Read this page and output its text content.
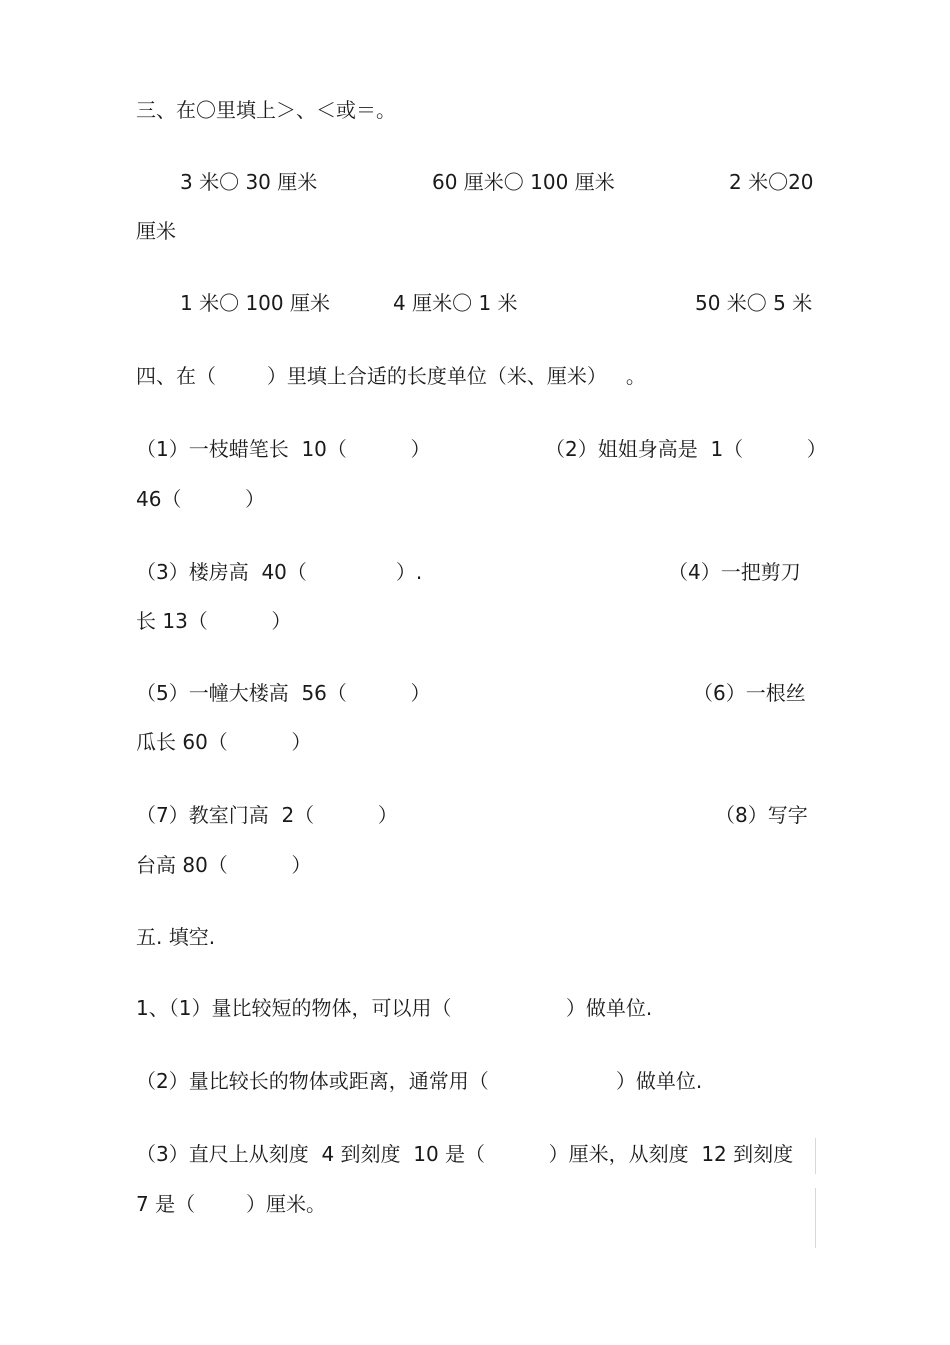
三、在〇里填上＞、＜或＝。
3 米〇 30 厘米	60 厘米〇 100 厘米	2 米〇20
厘米
1 米〇 100 厘米	4 厘米〇 1 米	50 米〇 5 米
四、在（        ）里填上合适的长度单位（米、厘米）   。
（1）一枝蜡笔长  10（          ）	（2）姐姐身高是  1（          ）
46（          ）
（3）楼房高  40（              ）.	（4）一把剪刀
长 13（          ）
（5）一幢大楼高  56（          ）	（6）一根丝
瓜长 60（          ）
（7）教室门高  2（          ）	（8）写字
台高 80（          ）
五. 填空.
1、（1）量比较短的物体，可以用（                  ）做单位.
（2）量比较长的物体或距离，通常用（                    ）做单位.
（3）直尺上从刻度  4 到刻度  10 是（          ）厘米，从刻度  12 到刻度
7 是（        ）厘米。
